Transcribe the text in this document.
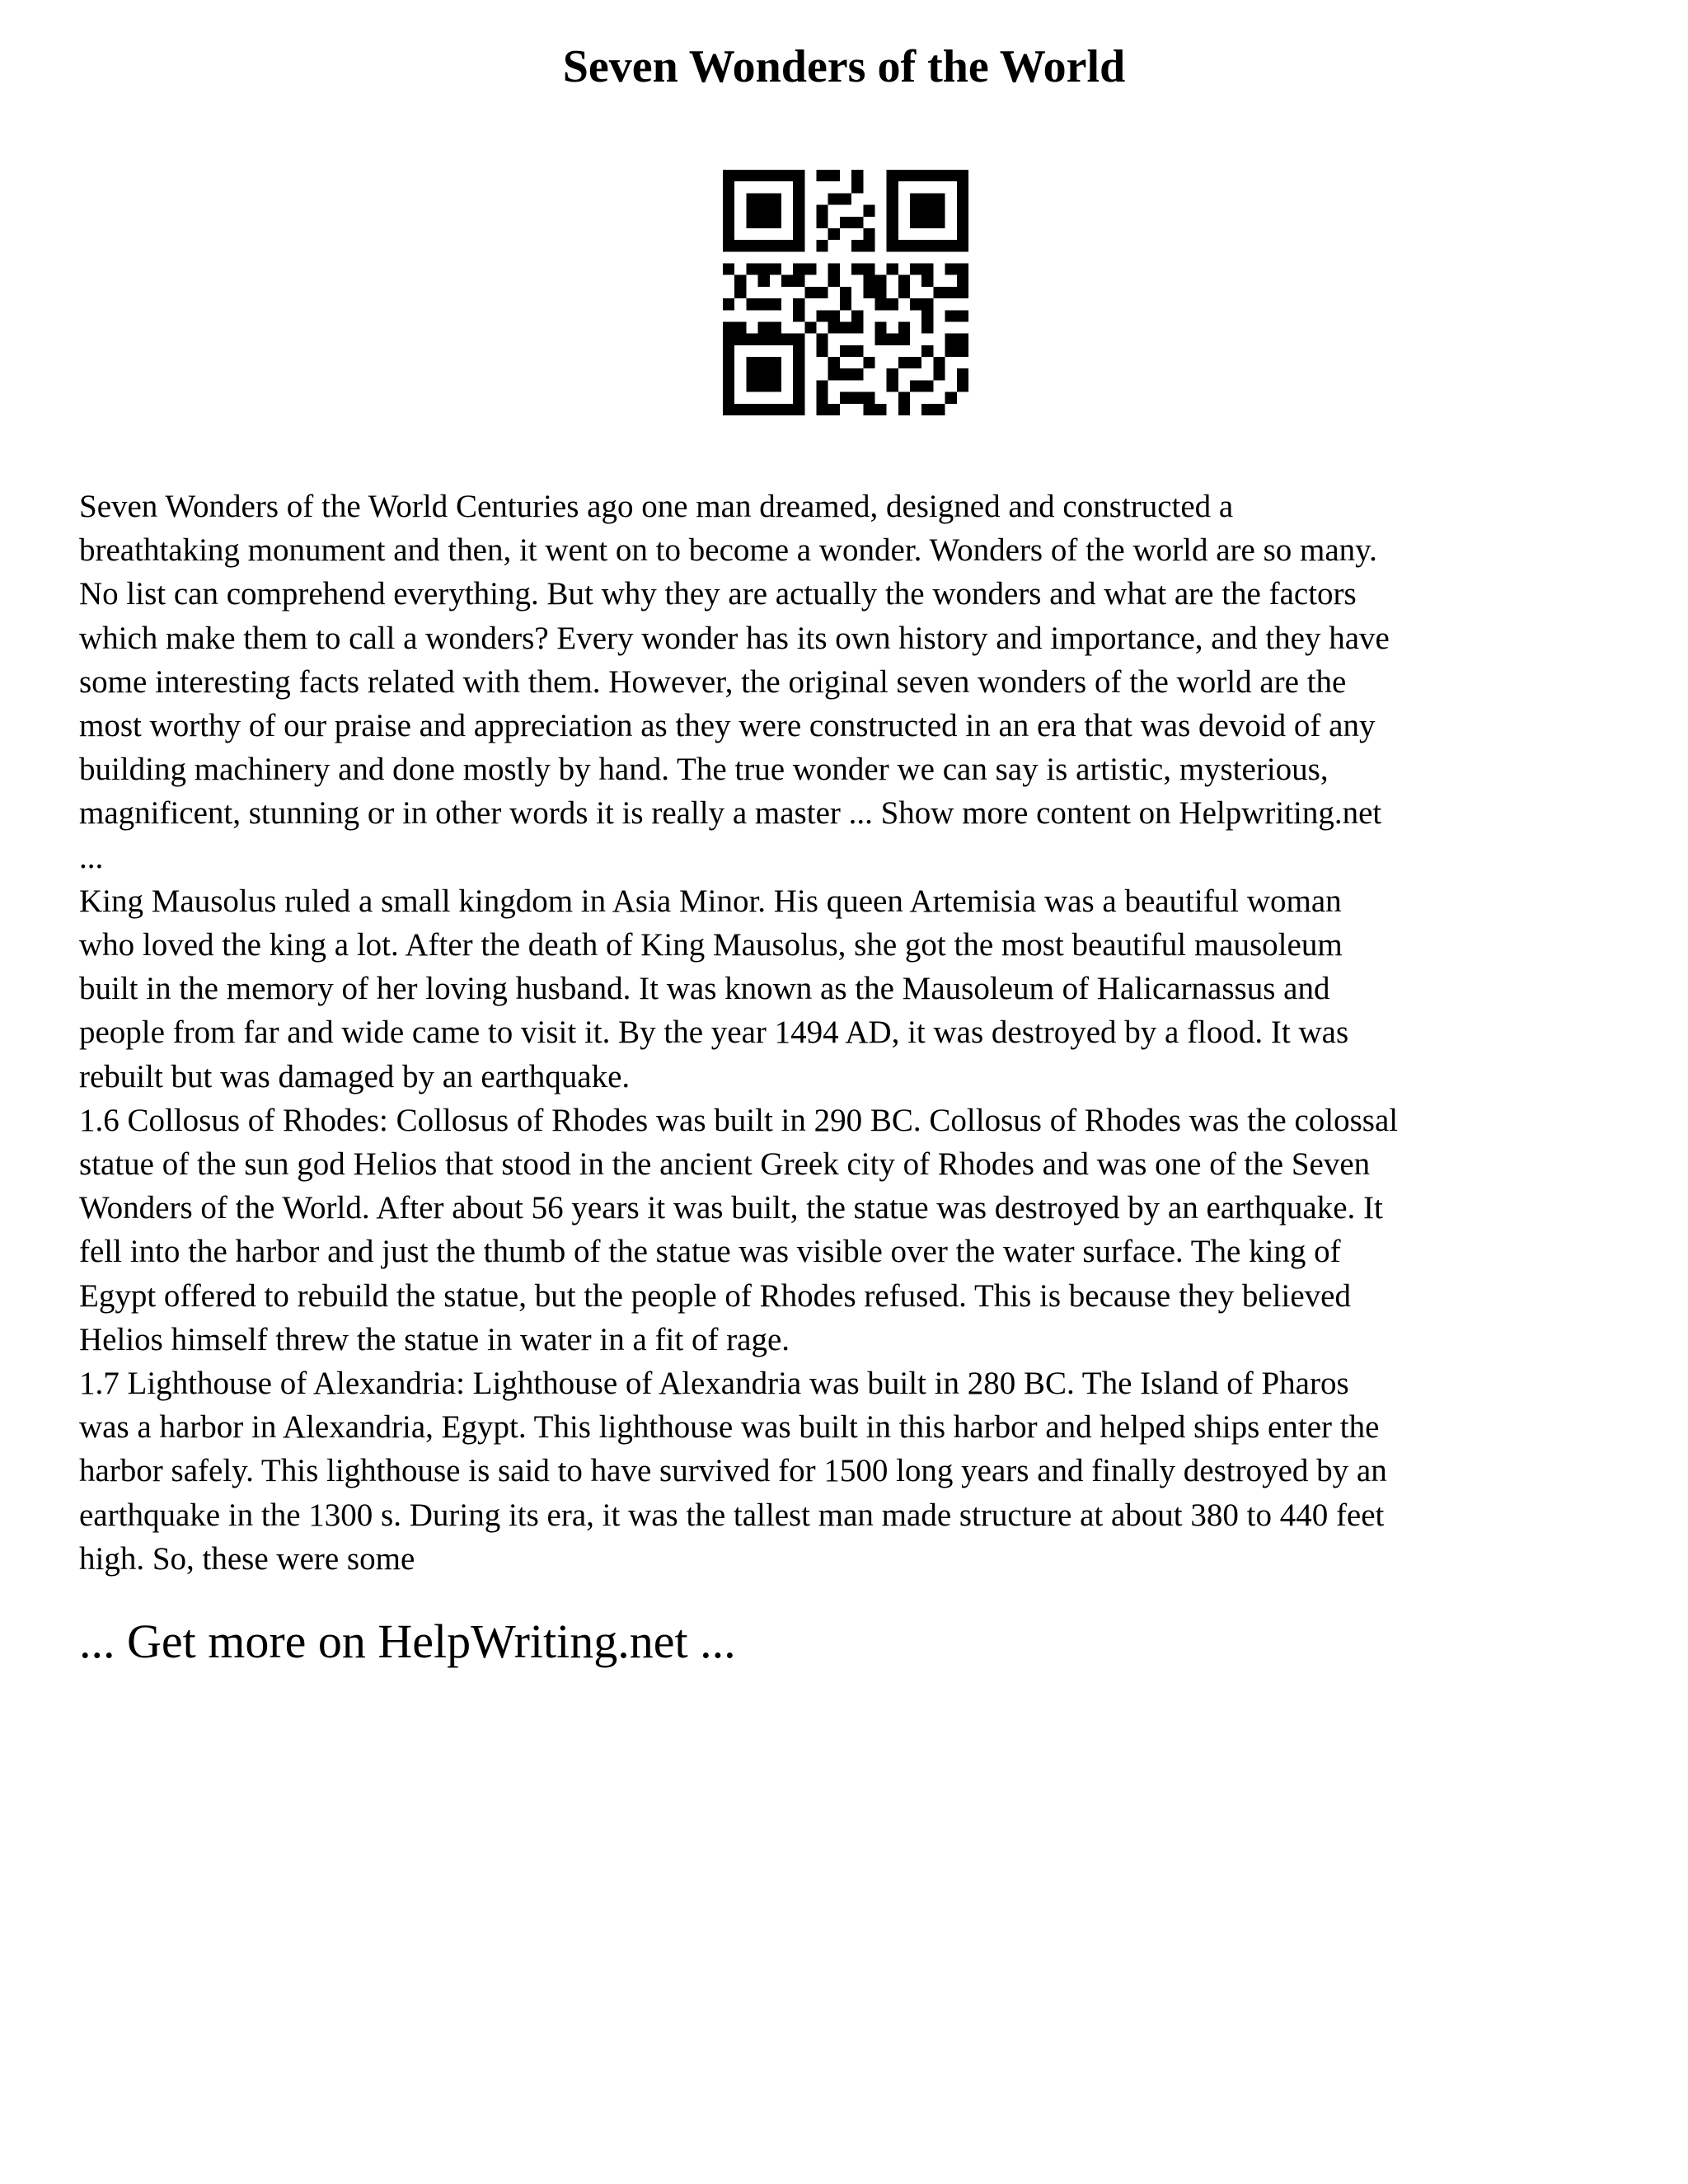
Seven Wonders of the World

Seven Wonders of the World Centuries ago one man dreamed, designed and constructed a
breathtaking monument and then, it went on to become a wonder. Wonders of the world are so many.
No list can comprehend everything. But why they are actually the wonders and what are the factors
which make them to call a wonders? Every wonder has its own history and importance, and they have
some interesting facts related with them. However, the original seven wonders of the world are the
most worthy of our praise and appreciation as they were constructed in an era that was devoid of any
building machinery and done mostly by hand. The true wonder we can say is artistic, mysterious,
magnificent, stunning or in other words it is really a master ... Show more content on Helpwriting.net
...

King Mausolus ruled a small kingdom in Asia Minor. His queen Artemisia was a beautiful woman
who loved the king a lot. After the death of King Mausolus, she got the most beautiful mausoleum
built in the memory of her loving husband. It was known as the Mausoleum of Halicarnassus and
people from far and wide came to visit it. By the year 1494 AD, it was destroyed by a flood. It was
rebuilt but was damaged by an earthquake.

1.6 Collosus of Rhodes: Collosus of Rhodes was built in 290 BC. Collosus of Rhodes was the colossal
statue of the sun god Helios that stood in the ancient Greek city of Rhodes and was one of the Seven
Wonders of the World. After about 56 years it was built, the statue was destroyed by an earthquake. It
fell into the harbor and just the thumb of the statue was visible over the water surface. The king of
Egypt offered to rebuild the statue, but the people of Rhodes refused. This is because they believed
Helios himself threw the statue in water in a fit of rage.

1.7 Lighthouse of Alexandria: Lighthouse of Alexandria was built in 280 BC. The Island of Pharos
was a harbor in Alexandria, Egypt. This lighthouse was built in this harbor and helped ships enter the
harbor safely. This lighthouse is said to have survived for 1500 long years and finally destroyed by an
earthquake in the 1300 s. During its era, it was the tallest man made structure at about 380 to 440 feet
high. So, these were some

... Get more on HelpWriting.net ...
